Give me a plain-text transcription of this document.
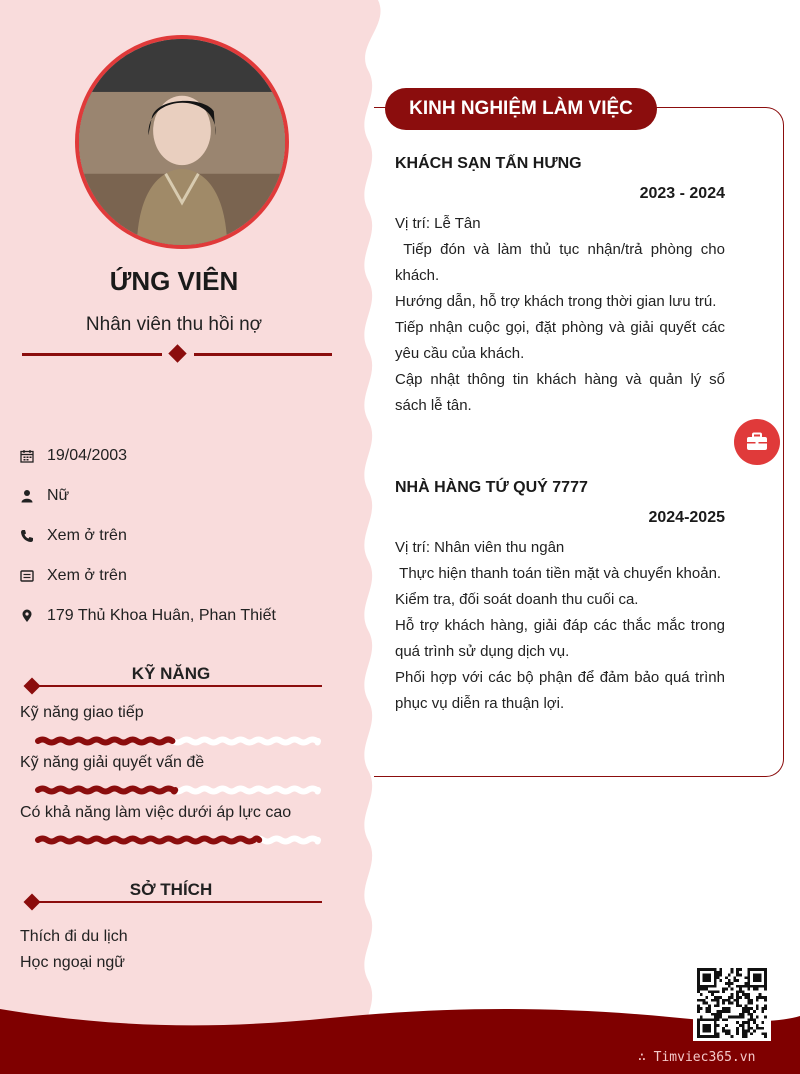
ỨNG VIÊN
Nhân viên thu hồi nợ
19/04/2003
Nữ
Xem ở trên
Xem ở trên
179 Thủ Khoa Huân, Phan Thiết
KỸ NĂNG
Kỹ năng giao tiếp
Kỹ năng giải quyết vấn đề
Có khả năng làm việc dưới áp lực cao
SỞ THÍCH
Thích đi du lịch
Học ngoại ngữ
KINH NGHIỆM LÀM VIỆC
KHÁCH SẠN TẤN HƯNG
2023 - 2024
Vị trí: Lễ Tân
Tiếp đón và làm thủ tục nhận/trả phòng cho khách.
Hướng dẫn, hỗ trợ khách trong thời gian lưu trú.
Tiếp nhận cuộc gọi, đặt phòng và giải quyết các yêu cầu của khách.
Cập nhật thông tin khách hàng và quản lý sổ sách lễ tân.
NHÀ HÀNG TỨ QUÝ 7777
2024-2025
Vị trí: Nhân viên thu ngân
Thực hiện thanh toán tiền mặt và chuyển khoản.
Kiểm tra, đối soát doanh thu cuối ca.
Hỗ trợ khách hàng, giải đáp các thắc mắc trong quá trình sử dụng dịch vụ.
Phối hợp với các bộ phận để đảm bảo quá trình phục vụ diễn ra thuận lợi.
∴ Timviec365.vn
